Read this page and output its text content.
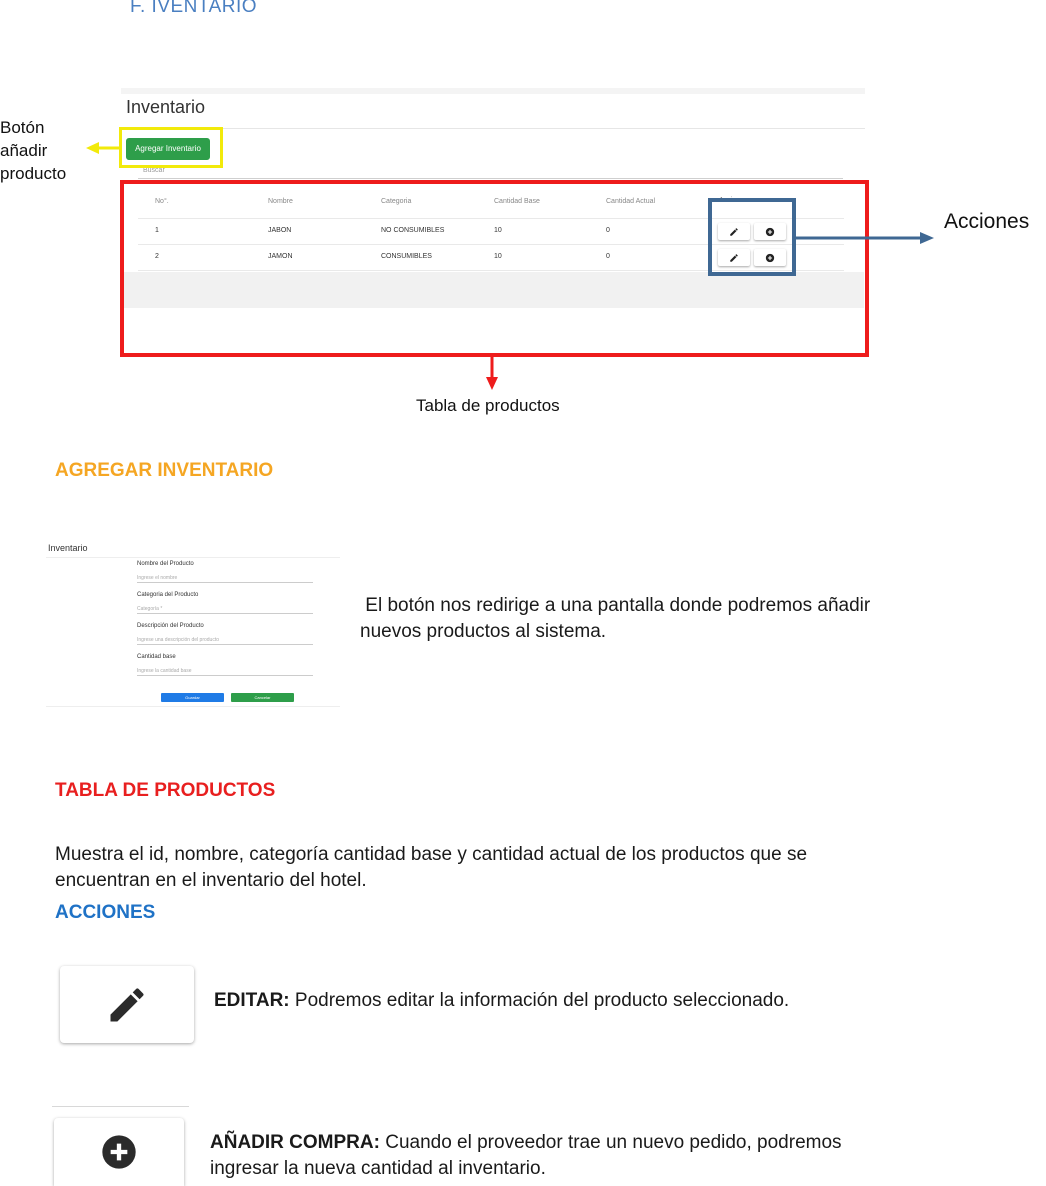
F. IVENTARIO
Inventario
Agregar Inventario
Buscar
No°.	Nombre	Categoria	Cantidad Base	Cantidad Actual	Acciones
1	JABON	NO CONSUMIBLES	10	0
2	JAMON	CONSUMIBLES	10	0
Botón
añadir
producto
Acciones
Tabla de productos
AGREGAR INVENTARIO
Inventario
Nombre del Producto
Ingrese el nombre
Categoria del Producto
Categoría *
Descripción del Producto
Ingrese una descripción del producto
Cantidad base
Ingrese la cantidad base
Guardar	Cancelar
El botón nos redirige a una pantalla donde podremos añadir
nuevos productos al sistema.
TABLA DE PRODUCTOS
Muestra el id, nombre, categoría cantidad base y cantidad actual de los productos que se
encuentran en el inventario del hotel.
ACCIONES
EDITAR: Podremos editar la información del producto seleccionado.
AÑADIR COMPRA: Cuando el proveedor trae un nuevo pedido, podremos
ingresar la nueva cantidad al inventario.
